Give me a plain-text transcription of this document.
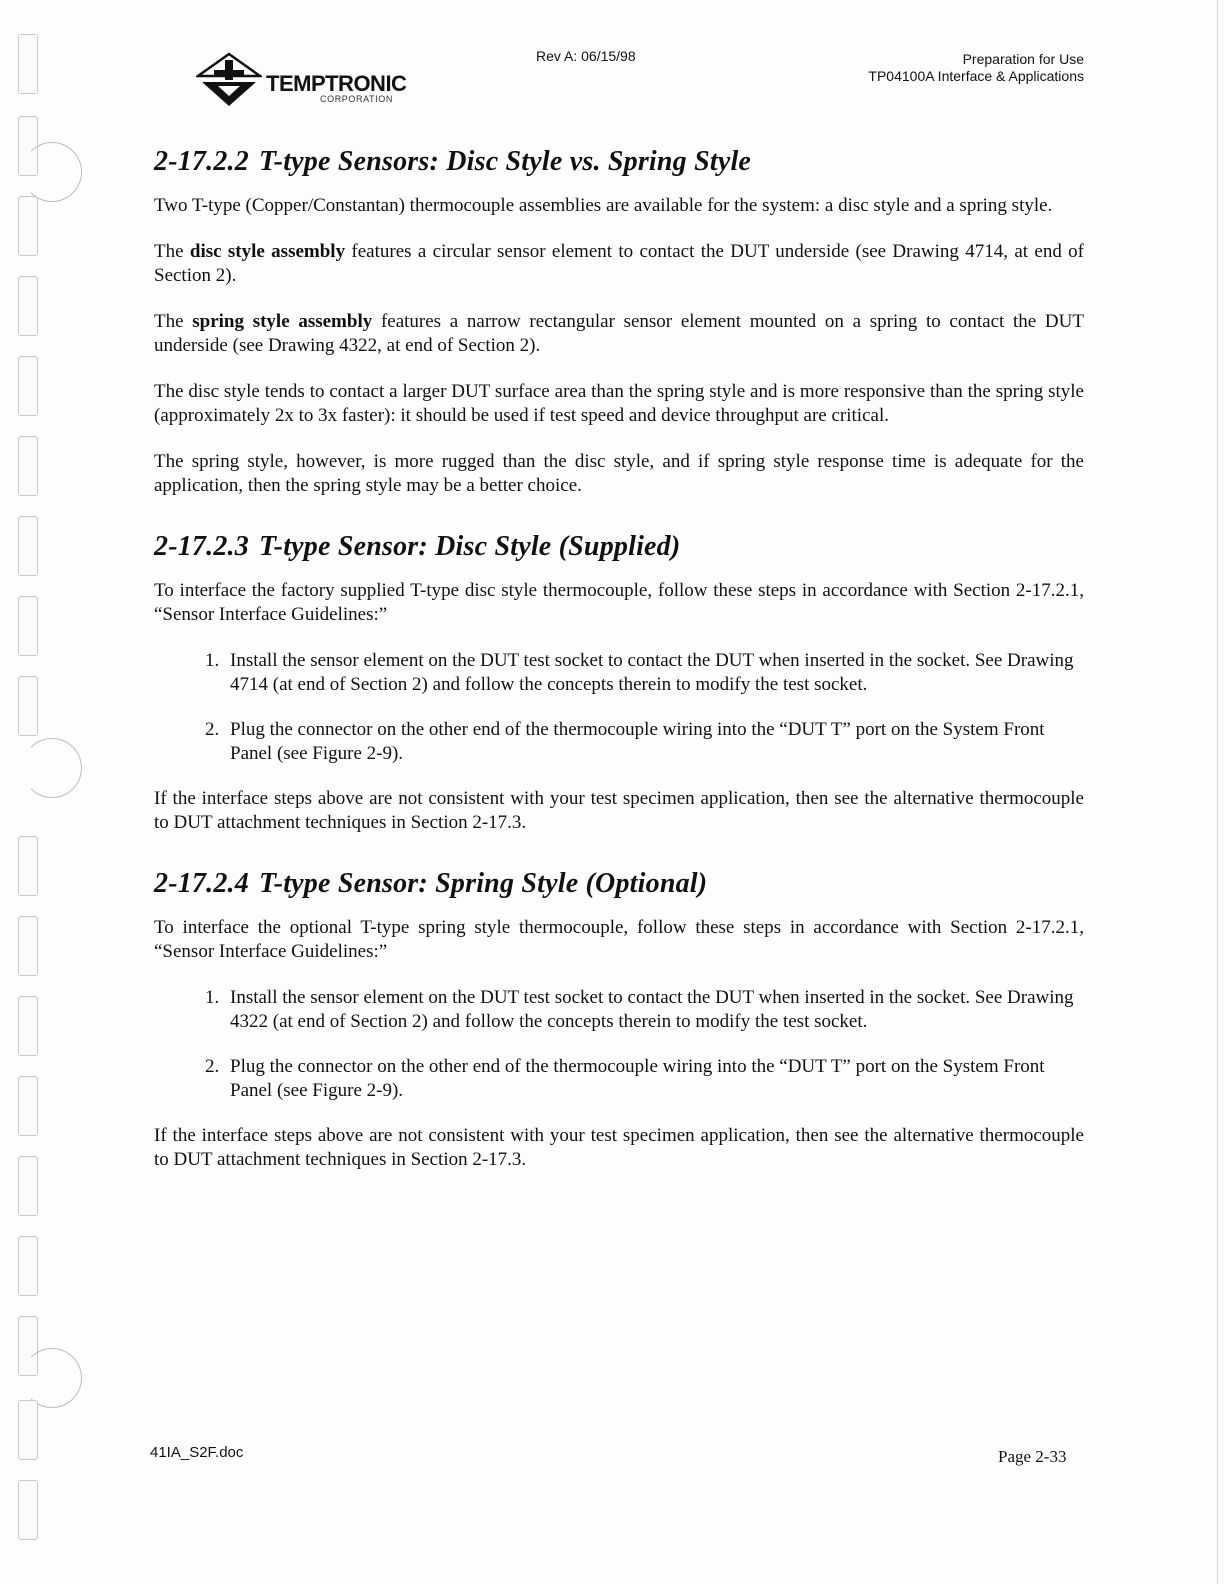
TEMPTRONIC
CORPORATION
Rev A: 06/15/98	Preparation for Use
TP04100A Interface & Applications
2-17.2.2 T-type Sensors: Disc Style vs. Spring Style

Two T-type (Copper/Constantan) thermocouple assemblies are available for the system: a disc style and a spring style.

The disc style assembly features a circular sensor element to contact the DUT underside (see Drawing 4714, at end of Section 2).

The spring style assembly features a narrow rectangular sensor element mounted on a spring to contact the DUT underside (see Drawing 4322, at end of Section 2).

The disc style tends to contact a larger DUT surface area than the spring style and is more responsive than the spring style (approximately 2x to 3x faster): it should be used if test speed and device throughput are critical.

The spring style, however, is more rugged than the disc style, and if spring style response time is adequate for the application, then the spring style may be a better choice.

2-17.2.3 T-type Sensor: Disc Style (Supplied)

To interface the factory supplied T-type disc style thermocouple, follow these steps in accordance with Section 2-17.2.1, “Sensor Interface Guidelines:”

1. Install the sensor element on the DUT test socket to contact the DUT when inserted in the socket. See Drawing 4714 (at end of Section 2) and follow the concepts therein to modify the test socket.
2. Plug the connector on the other end of the thermocouple wiring into the “DUT T” port on the System Front Panel (see Figure 2-9).

If the interface steps above are not consistent with your test specimen application, then see the alternative thermocouple to DUT attachment techniques in Section 2-17.3.

2-17.2.4 T-type Sensor: Spring Style (Optional)

To interface the optional T-type spring style thermocouple, follow these steps in accordance with Section 2-17.2.1, “Sensor Interface Guidelines:”

1. Install the sensor element on the DUT test socket to contact the DUT when inserted in the socket. See Drawing 4322 (at end of Section 2) and follow the concepts therein to modify the test socket.
2. Plug the connector on the other end of the thermocouple wiring into the “DUT T” port on the System Front Panel (see Figure 2-9).

If the interface steps above are not consistent with your test specimen application, then see the alternative thermocouple to DUT attachment techniques in Section 2-17.3.

41IA_S2F.doc	Page 2-33
